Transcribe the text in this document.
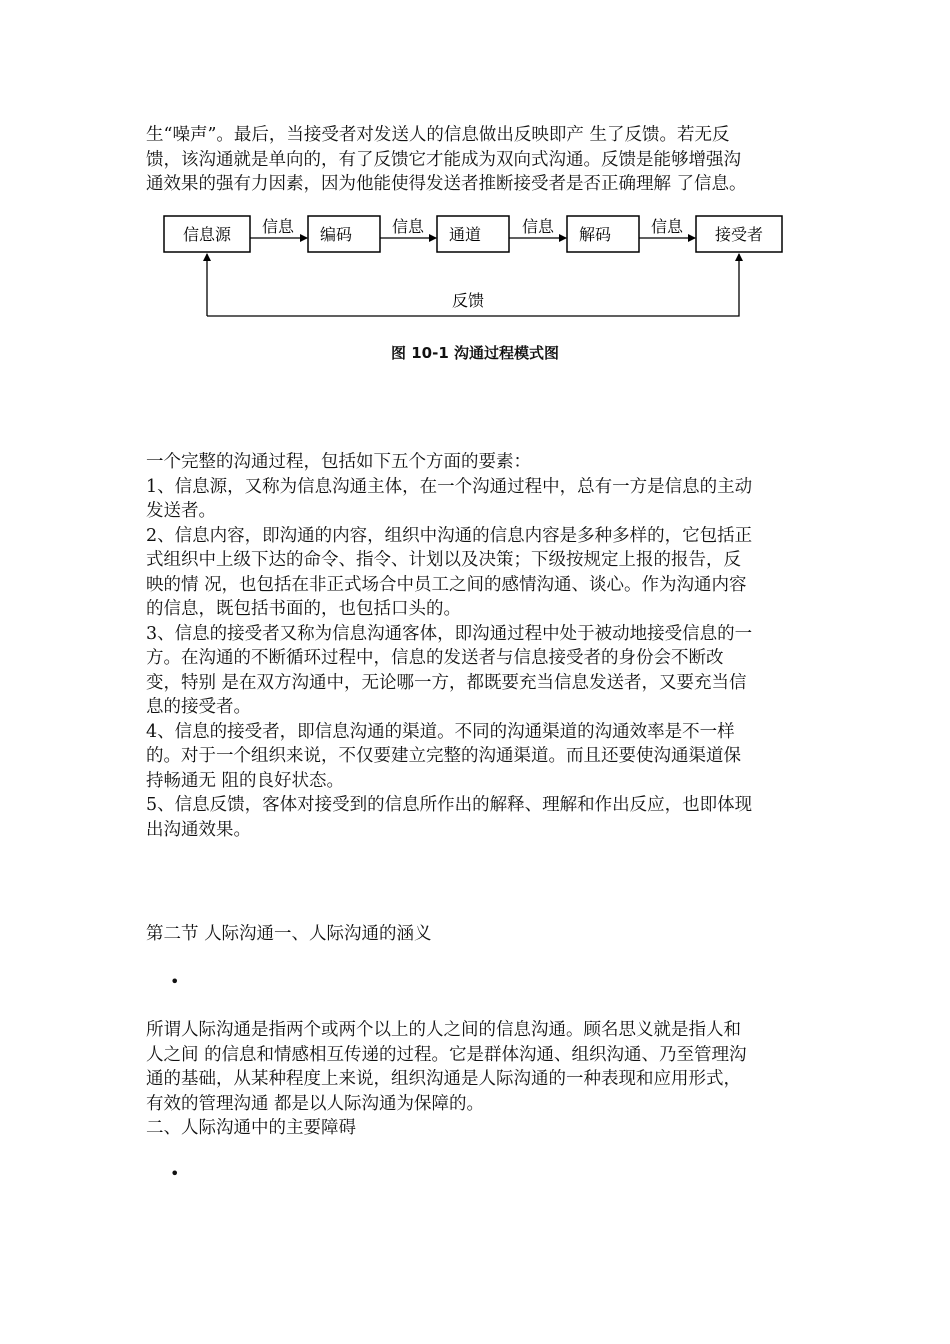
生“噪声”。最后，当接受者对发送人的信息做出反映即产 生了反馈。若无反
馈，该沟通就是单向的，有了反馈它才能成为双向式沟通。反馈是能够增强沟
通效果的强有力因素，因为他能使得发送者推断接受者是否正确理解 了信息。

信息源	编码	通道	解码	接受者
信息	信息	信息	信息
反馈
图 10-1 沟通过程模式图

一个完整的沟通过程，包括如下五个方面的要素：
1、信息源，又称为信息沟通主体，在一个沟通过程中，总有一方是信息的主动
发送者。
2、信息内容，即沟通的内容，组织中沟通的信息内容是多种多样的，它包括正
式组织中上级下达的命令、指令、计划以及决策；下级按规定上报的报告，反
映的情 况，也包括在非正式场合中员工之间的感情沟通、谈心。作为沟通内容
的信息，既包括书面的，也包括口头的。
3、信息的接受者又称为信息沟通客体，即沟通过程中处于被动地接受信息的一
方。在沟通的不断循环过程中，信息的发送者与信息接受者的身份会不断改
变，特别 是在双方沟通中，无论哪一方，都既要充当信息发送者，又要充当信
息的接受者。
4、信息的接受者，即信息沟通的渠道。不同的沟通渠道的沟通效率是不一样
的。对于一个组织来说，不仅要建立完整的沟通渠道。而且还要使沟通渠道保
持畅通无 阻的良好状态。
5、信息反馈，客体对接受到的信息所作出的解释、理解和作出反应，也即体现
出沟通效果。

第二节 人际沟通一、人际沟通的涵义
•

所谓人际沟通是指两个或两个以上的人之间的信息沟通。顾名思义就是指人和
人之间 的信息和情感相互传递的过程。它是群体沟通、组织沟通、乃至管理沟
通的基础，从某种程度上来说，组织沟通是人际沟通的一种表现和应用形式，
有效的管理沟通 都是以人际沟通为保障的。

二、人际沟通中的主要障碍
•
